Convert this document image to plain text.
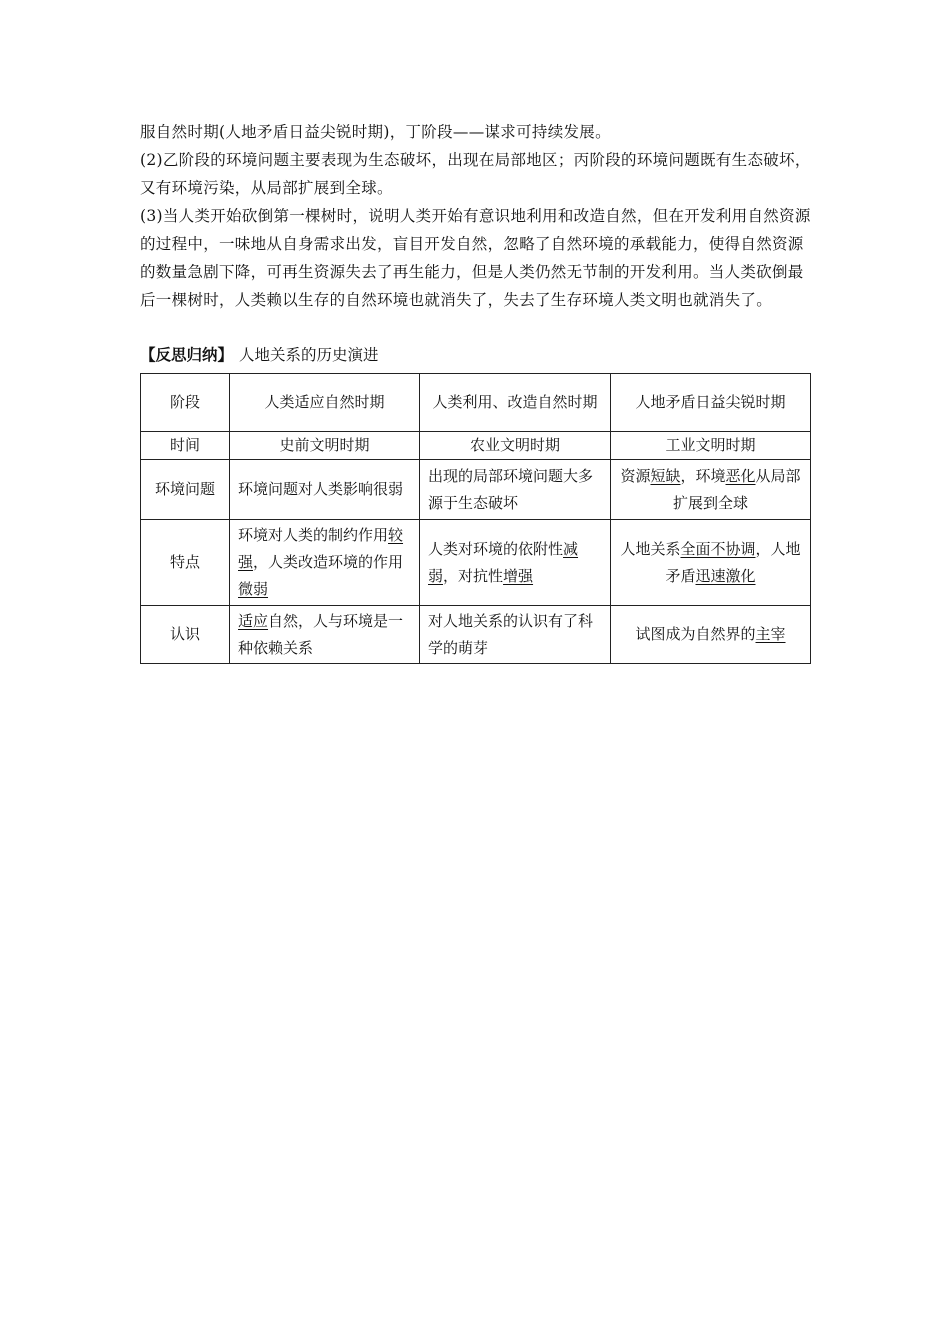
服自然时期(人地矛盾日益尖锐时期)，丁阶段——谋求可持续发展。
(2)乙阶段的环境问题主要表现为生态破坏，出现在局部地区；丙阶段的环境问题既有生态破坏，又有环境污染，从局部扩展到全球。
(3)当人类开始砍倒第一棵树时，说明人类开始有意识地利用和改造自然，但在开发利用自然资源的过程中，一味地从自身需求出发，盲目开发自然，忽略了自然环境的承载能力，使得自然资源的数量急剧下降，可再生资源失去了再生能力，但是人类仍然无节制的开发利用。当人类砍倒最后一棵树时，人类赖以生存的自然环境也就消失了，失去了生存环境人类文明也就消失了。
【反思归纳】 人地关系的历史演进
阶段	人类适应自然时期	人类利用、改造自然时期	人地矛盾日益尖锐时期
时间	史前文明时期	农业文明时期	工业文明时期
环境问题	环境问题对人类影响很弱	出现的局部环境问题大多源于生态破坏	资源短缺，环境恶化从局部扩展到全球
特点	环境对人类的制约作用较强，人类改造环境的作用微弱	人类对环境的依附性减弱，对抗性增强	人地关系全面不协调，人地矛盾迅速激化
认识	适应自然，人与环境是一种依赖关系	对人地关系的认识有了科学的萌芽	试图成为自然界的主宰
